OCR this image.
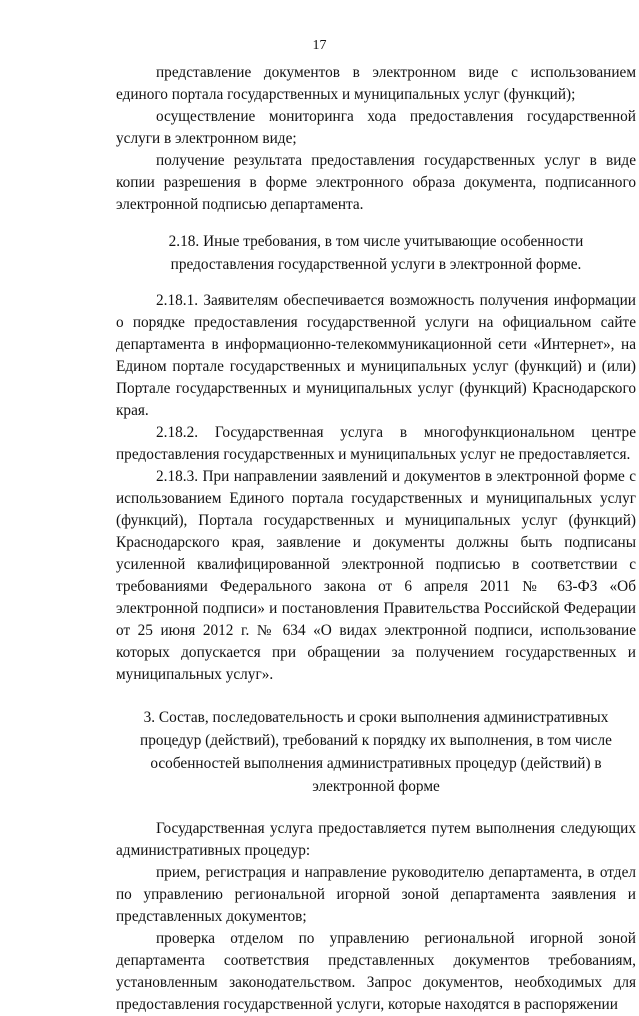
17

представление документов в электронном виде с использованием единого портала государственных и муниципальных услуг (функций);

осуществление мониторинга хода предоставления государственной услуги в электронном виде;

получение результата предоставления государственных услуг в виде копии разрешения в форме электронного образа документа, подписанного электронной подписью департамента.

2.18. Иные требования, в том числе учитывающие особенности предоставления государственной услуги в электронной форме.

2.18.1. Заявителям обеспечивается возможность получения информации о порядке предоставления государственной услуги на официальном сайте департамента в информационно-телекоммуникационной сети «Интернет», на Едином портале государственных и муниципальных услуг (функций) и (или) Портале государственных и муниципальных услуг (функций) Краснодарского края.

2.18.2. Государственная услуга в многофункциональном центре предоставления государственных и муниципальных услуг не предоставляется.

2.18.3. При направлении заявлений и документов в электронной форме с использованием Единого портала государственных и муниципальных услуг (функций), Портала государственных и муниципальных услуг (функций) Краснодарского края, заявление и документы должны быть подписаны усиленной квалифицированной электронной подписью в соответствии с требованиями Федерального закона от 6 апреля 2011 № 63-ФЗ «Об электронной подписи» и постановления Правительства Российской Федерации от 25 июня 2012 г. № 634 «О видах электронной подписи, использование которых допускается при обращении за получением государственных и муниципальных услуг».

3. Состав, последовательность и сроки выполнения административных процедур (действий), требований к порядку их выполнения, в том числе особенностей выполнения административных процедур (действий) в электронной форме

Государственная услуга предоставляется путем выполнения следующих административных процедур:

прием, регистрация и направление руководителю департамента, в отдел по управлению региональной игорной зоной департамента заявления и представленных документов;

проверка отделом по управлению региональной игорной зоной департамента соответствия представленных документов требованиям, установленным законодательством. Запрос документов, необходимых для предоставления государственной услуги, которые находятся в распоряжении
